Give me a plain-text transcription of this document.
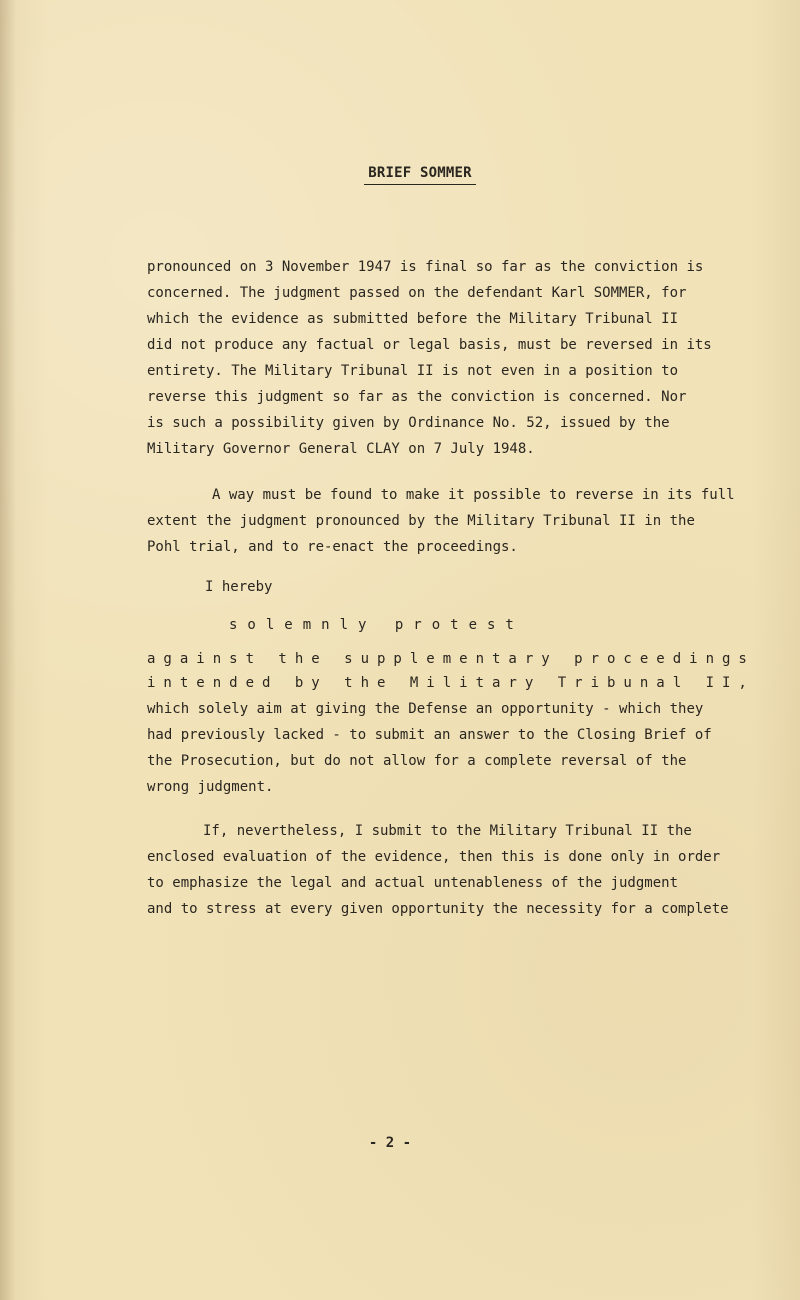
BRIEF SOMMER
pronounced on 3 November 1947 is final so far as the conviction is
concerned. The judgment passed on the defendant Karl SOMMER, for
which the evidence as submitted before the Military Tribunal II
did not produce any factual or legal basis, must be reversed in its
entirety. The Military Tribunal II is not even in a position to
reverse this judgment so far as the conviction is concerned. Nor
is such a possibility given by Ordinance No. 52, issued by the
Military Governor General CLAY on 7 July 1948.
A way must be found to make it possible to reverse in its full
extent the judgment pronounced by the Military Tribunal II in the
Pohl trial, and to re-enact the proceedings.
I hereby
solemnly protest
against the supplementary proceedings
intended by the Military Tribunal II,
which solely aim at giving the Defense an opportunity - which they
had previously lacked - to submit an answer to the Closing Brief of
the Prosecution, but do not allow for a complete reversal of the
wrong judgment.
If, nevertheless, I submit to the Military Tribunal II the
enclosed evaluation of the evidence, then this is done only in order
to emphasize the legal and actual untenableness of the judgment
and to stress at every given opportunity the necessity for a complete
- 2 -
